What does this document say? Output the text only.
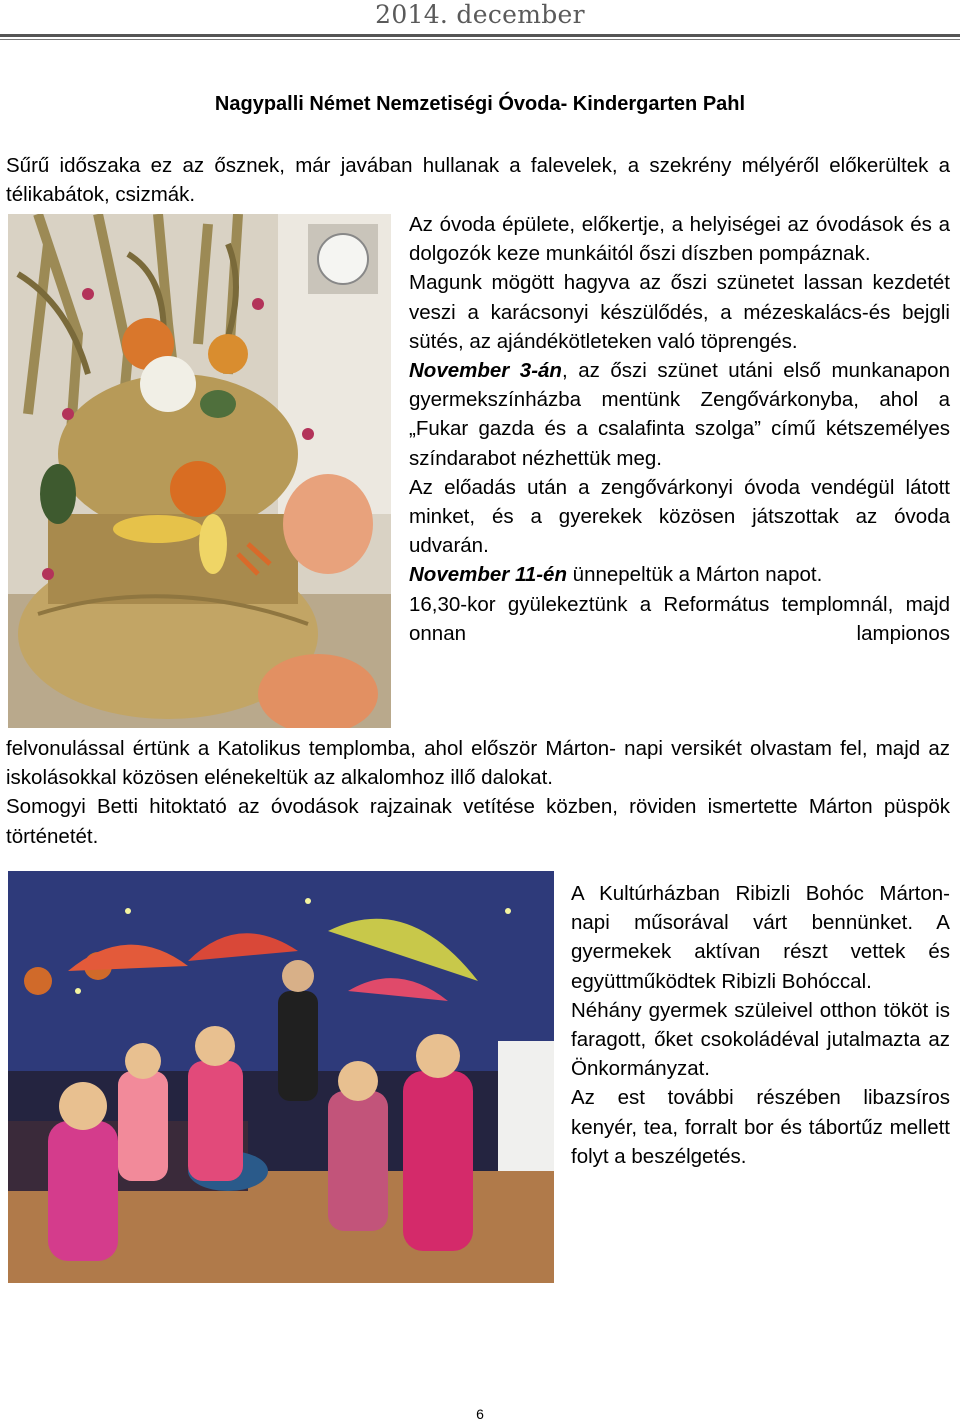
2014. december
Nagypalli Német Nemzetiségi Óvoda- Kindergarten Pahl

Sűrű időszaka ez az ősznek, már javában hullanak a falevelek, a szekrény mélyéről előkerültek a télikabátok, csizmák.

Az óvoda épülete, előkertje, a helyiségei az óvodások és a dolgozók keze munkáitól őszi díszben pompáznak.

Magunk mögött hagyva az őszi szünetet lassan kezdetét veszi a karácsonyi készülődés, a mézeskalács-és bejgli sütés, az ajándékötleteken való töprengés.

November 3-án, az őszi szünet utáni első munkanapon gyermekszínházba mentünk Zengővárkonyba, ahol a „Fukar gazda és a csalafinta szolga” című kétszemélyes színdarabot nézhettük meg.

Az előadás után a zengővárkonyi óvoda vendégül látott minket, és a gyerekek közösen játszottak az óvoda udvarán.

November 11-én ünnepeltük a Márton napot.

16,30-kor gyülekeztünk a Református templomnál, majd onnan lampionos

felvonulással értünk a Katolikus templomba, ahol először Márton- napi versikét olvastam fel, majd az iskolásokkal közösen elénekeltük az alkalomhoz illő dalokat.

Somogyi Betti hitoktató az óvodások rajzainak vetítése közben, röviden ismertette Márton püspök történetét.

A Kultúrházban Ribizli Bohóc Márton- napi műsorával várt bennünket. A gyermekek aktívan részt vettek és együttműködtek Ribizli Bohóccal.

Néhány gyermek szüleivel otthon tököt is faragott, őket csokoládéval jutalmazta az Önkormányzat.

Az est további részében libazsíros kenyér, tea, forralt bor és tábortűz mellett folyt a beszélgetés.

6
